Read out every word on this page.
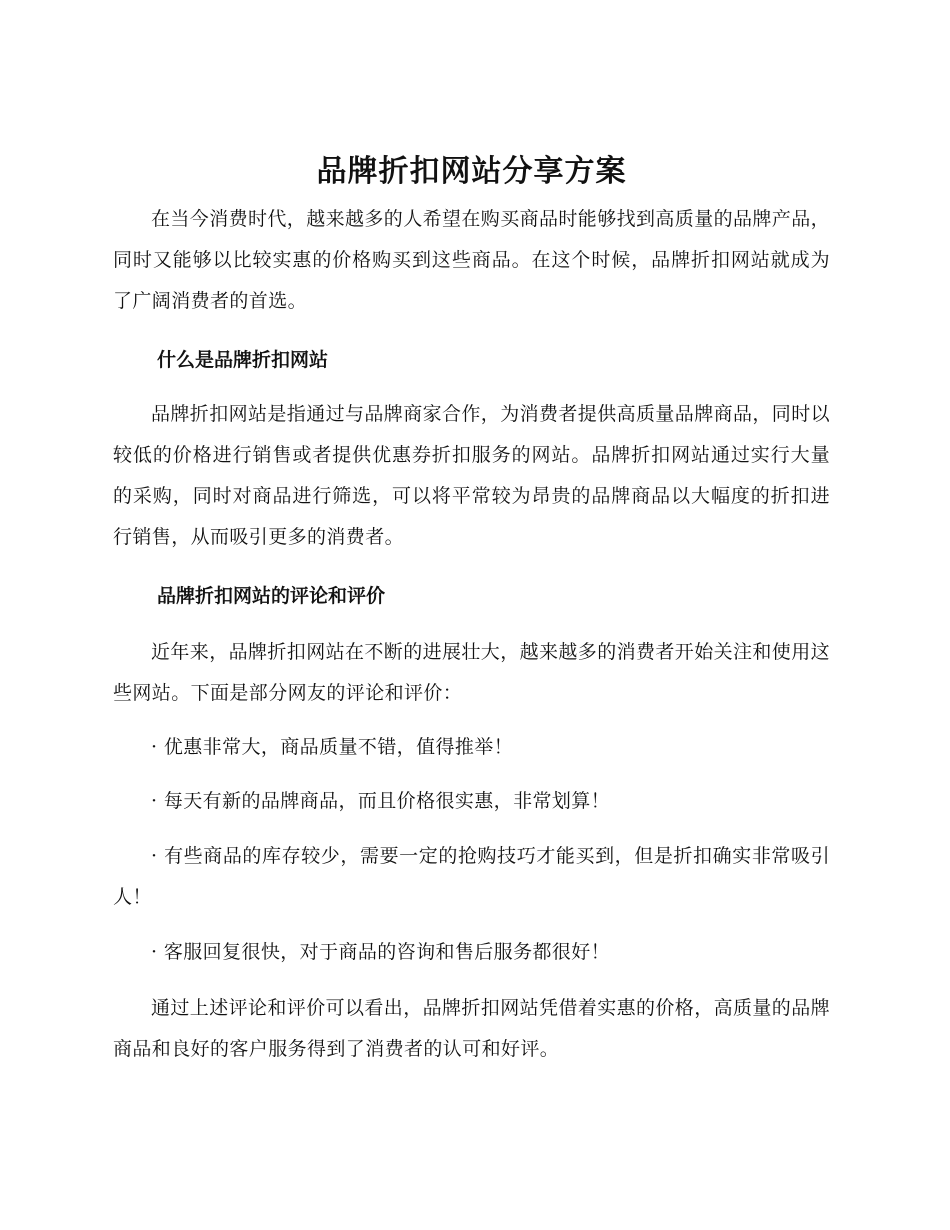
品牌折扣网站分享方案

在当今消费时代，越来越多的人希望在购买商品时能够找到高质量的品牌产品，同时又能够以比较实惠的价格购买到这些商品。在这个时候，品牌折扣网站就成为了广阔消费者的首选。

什么是品牌折扣网站

品牌折扣网站是指通过与品牌商家合作，为消费者提供高质量品牌商品，同时以较低的价格进行销售或者提供优惠券折扣服务的网站。品牌折扣网站通过实行大量的采购，同时对商品进行筛选，可以将平常较为昂贵的品牌商品以大幅度的折扣进行销售，从而吸引更多的消费者。

品牌折扣网站的评论和评价

近年来，品牌折扣网站在不断的进展壮大，越来越多的消费者开始关注和使用这些网站。下面是部分网友的评论和评价：

· 优惠非常大，商品质量不错，值得推举！

· 每天有新的品牌商品，而且价格很实惠，非常划算！

· 有些商品的库存较少，需要一定的抢购技巧才能买到，但是折扣确实非常吸引人！

· 客服回复很快，对于商品的咨询和售后服务都很好！

通过上述评论和评价可以看出，品牌折扣网站凭借着实惠的价格，高质量的品牌商品和良好的客户服务得到了消费者的认可和好评。
